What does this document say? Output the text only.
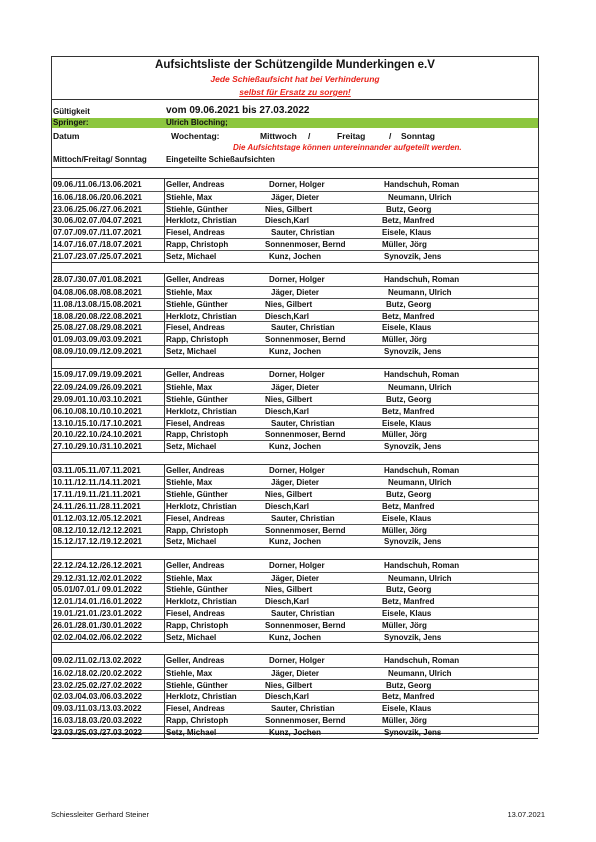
Aufsichtsliste der Schützengilde Munderkingen e.V
Jede Schießaufsicht hat bei Verhinderung
selbst für Ersatz zu sorgen!
Gültigkeit	vom 09.06.2021 bis 27.03.2022
Springer:	Ulrich Bloching;
Datum	Wochentag:	Mittwoch /	Freitag	/ Sonntag
Die Aufsichtstage können untereinnander aufgeteilt werden.
Mittoch/Freitag/ Sonntag Eingeteilte Schießaufsichten
09.06./11.06./13.06.2021	Geller, Andreas	Dorner, Holger	Handschuh, Roman
16.06./18.06./20.06.2021	Stiehle, Max	Jäger, Dieter	Neumann, Ulrich
23.06./25.06./27.06.2021	Stiehle, Günther	Nies, Gilbert	Butz, Georg
30.06./02.07./04.07.2021	Herklotz, Christian	Diesch,Karl	Betz, Manfred
07.07./09.07./11.07.2021	Fiesel, Andreas	Sauter, Christian	Eisele, Klaus
14.07./16.07./18.07.2021	Rapp, Christoph	Sonnenmoser, Bernd	Müller, Jörg
21.07./23.07./25.07.2021	Setz, Michael	Kunz, Jochen	Synovzik, Jens
28.07./30.07./01.08.2021	Geller, Andreas	Dorner, Holger	Handschuh, Roman
04.08./06.08./08.08.2021	Stiehle, Max	Jäger, Dieter	Neumann, Ulrich
11.08./13.08./15.08.2021	Stiehle, Günther	Nies, Gilbert	Butz, Georg
18.08./20.08./22.08.2021	Herklotz, Christian	Diesch,Karl	Betz, Manfred
25.08./27.08./29.08.2021	Fiesel, Andreas	Sauter, Christian	Eisele, Klaus
01.09./03.09./03.09.2021	Rapp, Christoph	Sonnenmoser, Bernd	Müller, Jörg
08.09./10.09./12.09.2021	Setz, Michael	Kunz, Jochen	Synovzik, Jens
15.09./17.09./19.09.2021	Geller, Andreas	Dorner, Holger	Handschuh, Roman
22.09./24.09./26.09.2021	Stiehle, Max	Jäger, Dieter	Neumann, Ulrich
29.09./01.10./03.10.2021	Stiehle, Günther	Nies, Gilbert	Butz, Georg
06.10./08.10./10.10.2021	Herklotz, Christian	Diesch,Karl	Betz, Manfred
13.10./15.10./17.10.2021	Fiesel, Andreas	Sauter, Christian	Eisele, Klaus
20.10./22.10./24.10.2021	Rapp, Christoph	Sonnenmoser, Bernd	Müller, Jörg
27.10./29.10./31.10.2021	Setz, Michael	Kunz, Jochen	Synovzik, Jens
03.11./05.11./07.11.2021	Geller, Andreas	Dorner, Holger	Handschuh, Roman
10.11./12.11./14.11.2021	Stiehle, Max	Jäger, Dieter	Neumann, Ulrich
17.11./19.11./21.11.2021	Stiehle, Günther	Nies, Gilbert	Butz, Georg
24.11./26.11./28.11.2021	Herklotz, Christian	Diesch,Karl	Betz, Manfred
01.12./03.12./05.12.2021	Fiesel, Andreas	Sauter, Christian	Eisele, Klaus
08.12./10.12./12.12.2021	Rapp, Christoph	Sonnenmoser, Bernd	Müller, Jörg
15.12./17.12./19.12.2021	Setz, Michael	Kunz, Jochen	Synovzik, Jens
22.12./24.12./26.12.2021	Geller, Andreas	Dorner, Holger	Handschuh, Roman
29.12./31.12./02.01.2022	Stiehle, Max	Jäger, Dieter	Neumann, Ulrich
05.01/07.01./ 09.01.2022	Stiehle, Günther	Nies, Gilbert	Butz, Georg
12.01./14.01./16.01.2022	Herklotz, Christian	Diesch,Karl	Betz, Manfred
19.01./21.01./23.01.2022	Fiesel, Andreas	Sauter, Christian	Eisele, Klaus
26.01./28.01./30.01.2022	Rapp, Christoph	Sonnenmoser, Bernd	Müller, Jörg
02.02./04.02./06.02.2022	Setz, Michael	Kunz, Jochen	Synovzik, Jens
09.02./11.02./13.02.2022	Geller, Andreas	Dorner, Holger	Handschuh, Roman
16.02./18.02./20.02.2022	Stiehle, Max	Jäger, Dieter	Neumann, Ulrich
23.02./25.02./27.02.2022	Stiehle, Günther	Nies, Gilbert	Butz, Georg
02.03./04.03./06.03.2022	Herklotz, Christian	Diesch,Karl	Betz, Manfred
09.03./11.03./13.03.2022	Fiesel, Andreas	Sauter, Christian	Eisele, Klaus
16.03./18.03./20.03.2022	Rapp, Christoph	Sonnenmoser, Bernd	Müller, Jörg
23.03./25.03./27.03.2022	Setz, Michael	Kunz, Jochen	Synovzik, Jens
Schiessleiter Gerhard Steiner	13.07.2021
